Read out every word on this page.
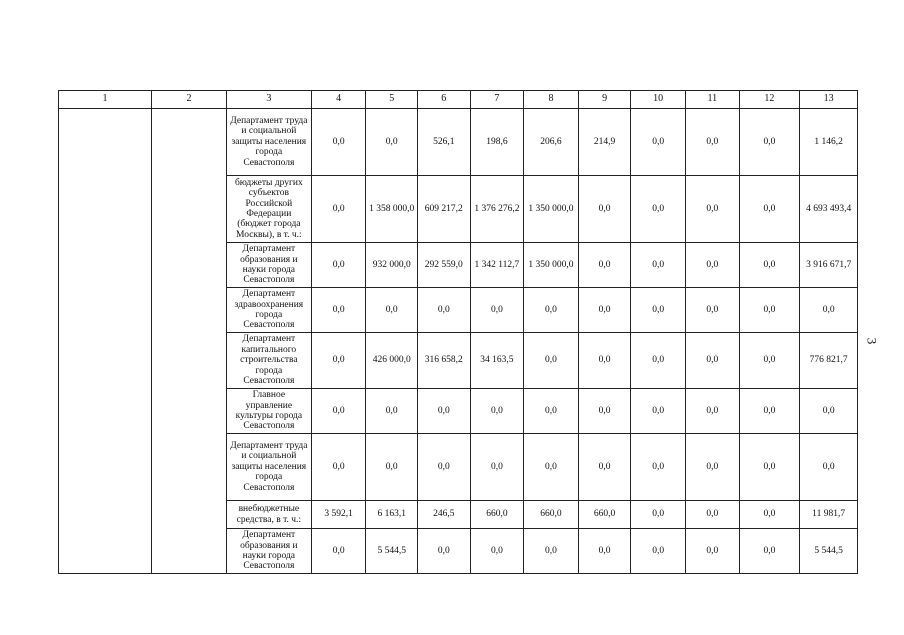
1	2	3	4	5	6	7	8	9	10	11	12	13
		Департамент труда и социальной защиты населения города Севастополя	0,0	0,0	526,1	198,6	206,6	214,9	0,0	0,0	0,0	1 146,2
		бюджеты других субъектов Российской Федерации (бюджет города Москвы), в т. ч.:	0,0	1 358 000,0	609 217,2	1 376 276,2	1 350 000,0	0,0	0,0	0,0	0,0	4 693 493,4
		Департамент образования и науки города Севастополя	0,0	932 000,0	292 559,0	1 342 112,7	1 350 000,0	0,0	0,0	0,0	0,0	3 916 671,7
		Департамент здравоохранения города Севастополя	0,0	0,0	0,0	0,0	0,0	0,0	0,0	0,0	0,0	0,0
		Департамент капитального строительства города Севастополя	0,0	426 000,0	316 658,2	34 163,5	0,0	0,0	0,0	0,0	0,0	776 821,7
		Главное управление культуры города Севастополя	0,0	0,0	0,0	0,0	0,0	0,0	0,0	0,0	0,0	0,0
		Департамент труда и социальной защиты населения города Севастополя	0,0	0,0	0,0	0,0	0,0	0,0	0,0	0,0	0,0	0,0
		внебюджетные средства, в т. ч.:	3 592,1	6 163,1	246,5	660,0	660,0	660,0	0,0	0,0	0,0	11 981,7
		Департамент образования и науки города Севастополя	0,0	5 544,5	0,0	0,0	0,0	0,0	0,0	0,0	0,0	5 544,5
3
